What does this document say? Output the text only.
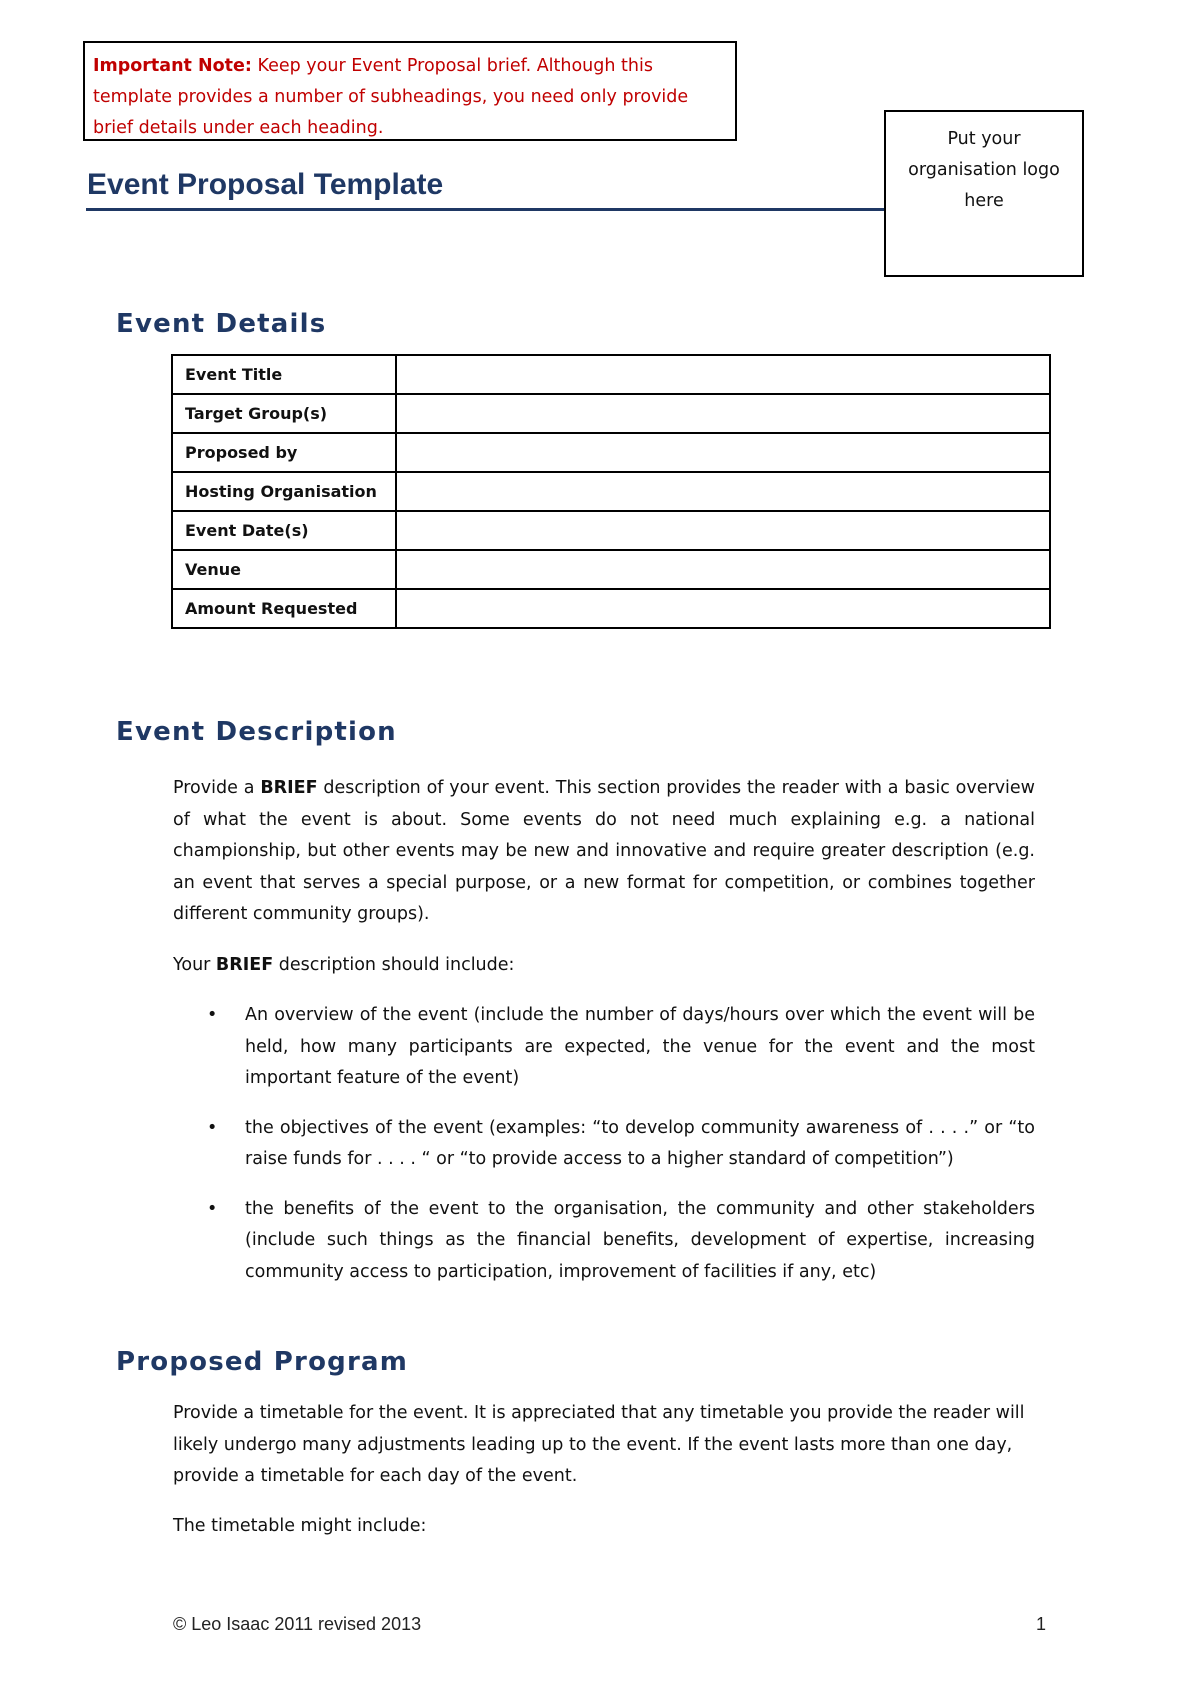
Important Note: Keep your Event Proposal brief. Although this template provides a number of subheadings, you need only provide brief details under each heading.
Put your organisation logo here
Event Proposal Template
Event Details
Event Title	
Target Group(s)	
Proposed by	
Hosting Organisation	
Event Date(s)	
Venue	
Amount Requested	
Event Description

Provide a BRIEF description of your event. This section provides the reader with a basic overview of what the event is about. Some events do not need much explaining e.g. a national championship, but other events may be new and innovative and require greater description (e.g. an event that serves a special purpose, or a new format for competition, or combines together different community groups).

Your BRIEF description should include:

• An overview of the event (include the number of days/hours over which the event will be held, how many participants are expected, the venue for the event and the most important feature of the event)
• the objectives of the event (examples: “to develop community awareness of . . . .” or “to raise funds for . . . . “ or “to provide access to a higher standard of competition”)
• the benefits of the event to the organisation, the community and other stakeholders (include such things as the financial benefits, development of expertise, increasing community access to participation, improvement of facilities if any, etc)
Proposed Program

Provide a timetable for the event. It is appreciated that any timetable you provide the reader will likely undergo many adjustments leading up to the event. If the event lasts more than one day, provide a timetable for each day of the event.

The timetable might include:

© Leo Isaac 2011 revised 2013	1
